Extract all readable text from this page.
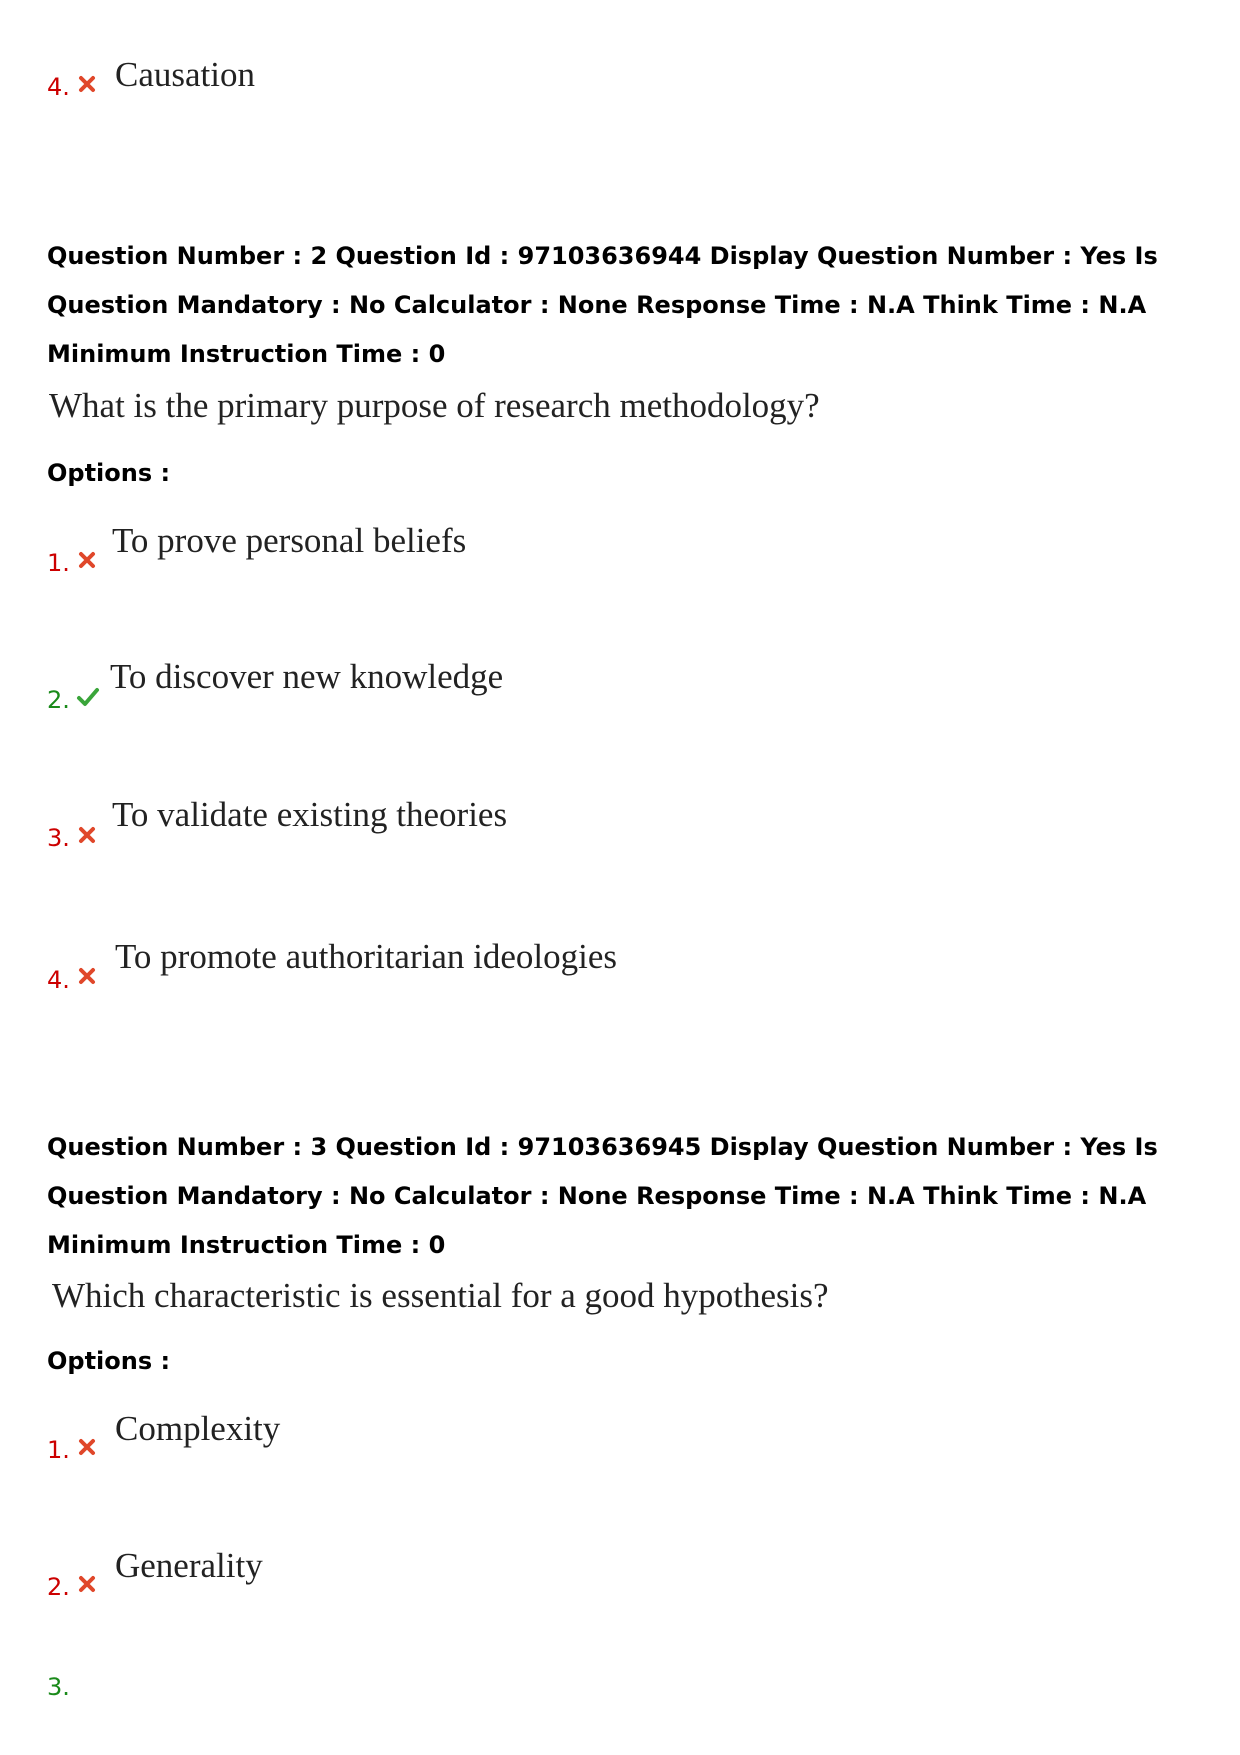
4. Causation
Question Number : 2 Question Id : 97103636944 Display Question Number : Yes Is Question Mandatory : No Calculator : None Response Time : N.A Think Time : N.A Minimum Instruction Time : 0
What is the primary purpose of research methodology?
Options :
1.
To prove personal beliefs
2.
To discover new knowledge
3.
To validate existing theories
4.
To promote authoritarian ideologies
Question Number : 3 Question Id : 97103636945 Display Question Number : Yes Is Question Mandatory : No Calculator : None Response Time : N.A Think Time : N.A Minimum Instruction Time : 0
Which characteristic is essential for a good hypothesis?
Options :
1.
Complexity
2.
Generality
3.
